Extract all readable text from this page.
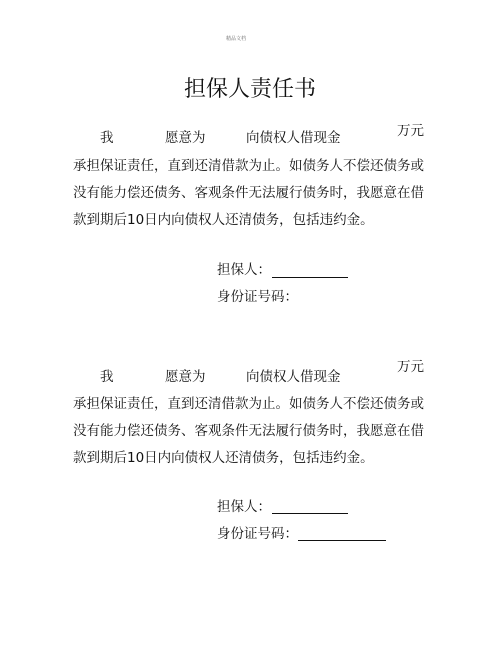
精品文档
担保人责任书
我	愿意为	向债权人借现金	万元
承担保证责任，直到还清借款为止。如债务人不偿还债务或
没有能力偿还债务、客观条件无法履行债务时，我愿意在借
款到期后10日内向债权人还清债务，包括违约金。
担保人：
身份证号码：
我	愿意为	向债权人借现金
万元
承担保证责任，直到还清借款为止。如债务人不偿还债务或
没有能力偿还债务、客观条件无法履行债务时，我愿意在借
款到期后10日内向债权人还清债务，包括违约金。
担保人：
身份证号码：
